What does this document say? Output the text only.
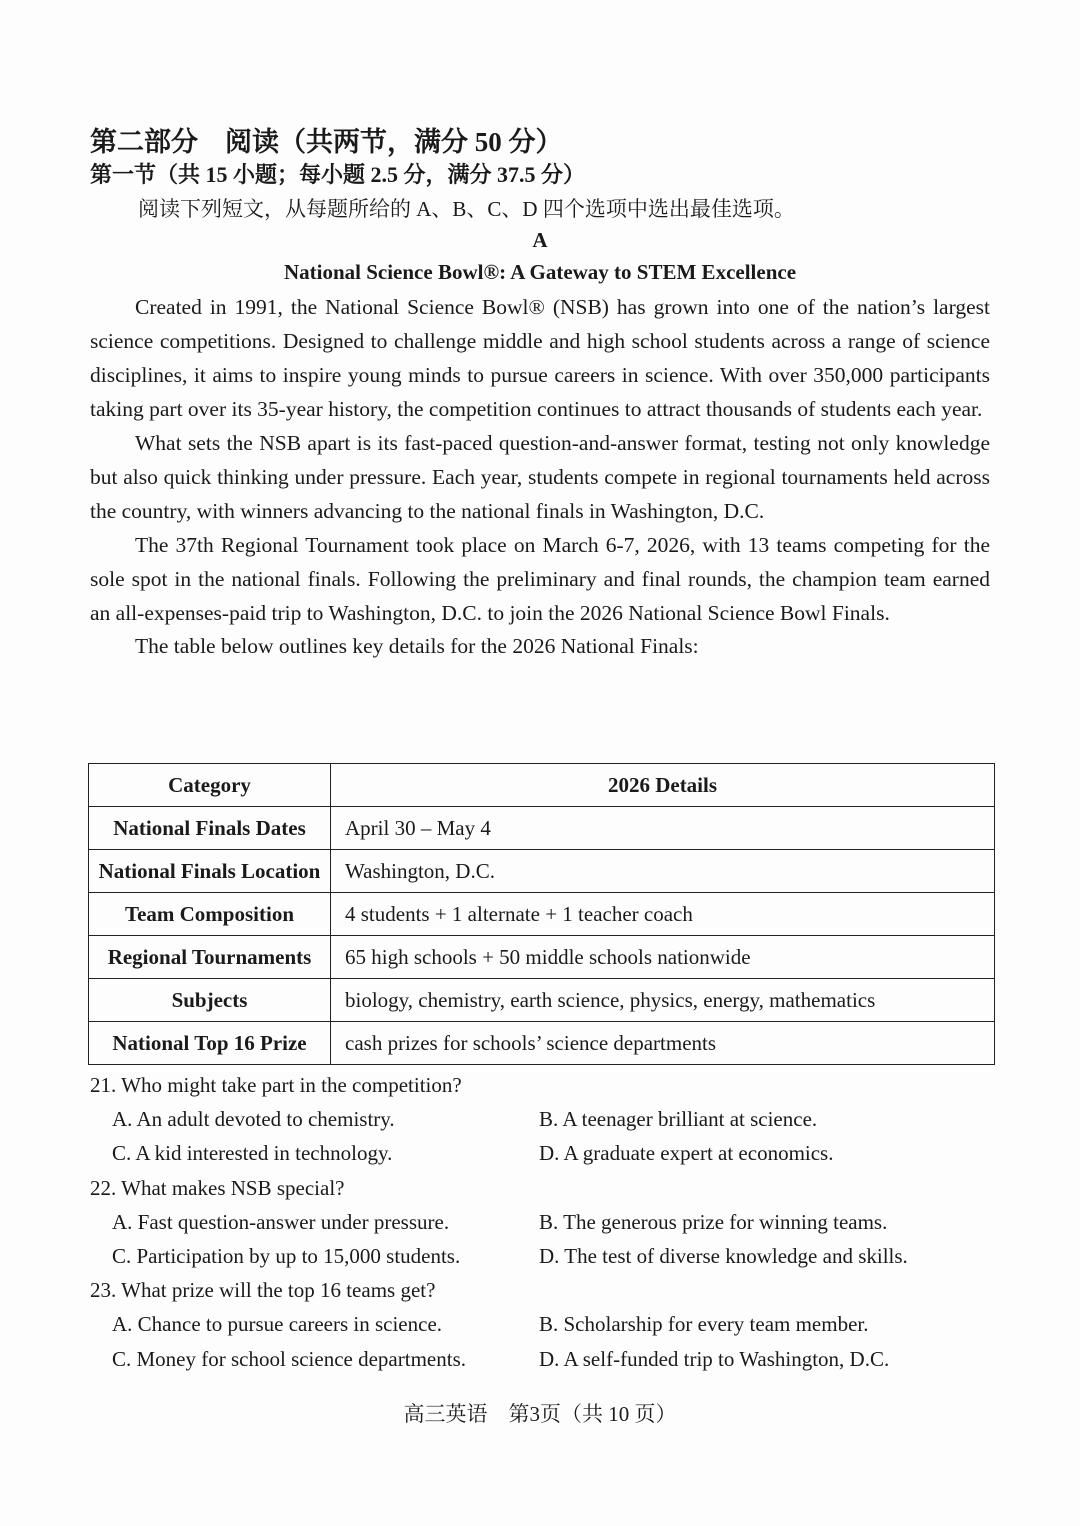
第二部分　阅读（共两节，满分 50 分）
第一节（共 15 小题；每小题 2.5 分，满分 37.5 分）
阅读下列短文，从每题所给的 A、B、C、D 四个选项中选出最佳选项。
A
National Science Bowl®: A Gateway to STEM Excellence

Created in 1991, the National Science Bowl® (NSB) has grown into one of the nation’s largest science competitions. Designed to challenge middle and high school students across a range of science disciplines, it aims to inspire young minds to pursue careers in science. With over 350,000 participants taking part over its 35-year history, the competition continues to attract thousands of students each year.

What sets the NSB apart is its fast-paced question-and-answer format, testing not only knowledge but also quick thinking under pressure. Each year, students compete in regional tournaments held across the country, with winners advancing to the national finals in Washington, D.C.

The 37th Regional Tournament took place on March 6-7, 2026, with 13 teams competing for the sole spot in the national finals. Following the preliminary and final rounds, the champion team earned an all-expenses-paid trip to Washington, D.C. to join the 2026 National Science Bowl Finals.

The table below outlines key details for the 2026 National Finals:

Category	2026 Details
National Finals Dates	April 30 – May 4
National Finals Location	Washington, D.C.
Team Composition	4 students + 1 alternate + 1 teacher coach
Regional Tournaments	65 high schools + 50 middle schools nationwide
Subjects	biology, chemistry, earth science, physics, energy, mathematics
National Top 16 Prize	cash prizes for schools’ science departments

21. Who might take part in the competition?

A. An adult devoted to chemistry.	B. A teenager brilliant at science.
C. A kid interested in technology.	D. A graduate expert at economics.

22. What makes NSB special?

A. Fast question-answer under pressure.	B. The generous prize for winning teams.
C. Participation by up to 15,000 students.	D. The test of diverse knowledge and skills.

23. What prize will the top 16 teams get?

A. Chance to pursue careers in science.	B. Scholarship for every team member.
C. Money for school science departments.	D. A self-funded trip to Washington, D.C.
高三英语　第3页（共 10 页）
